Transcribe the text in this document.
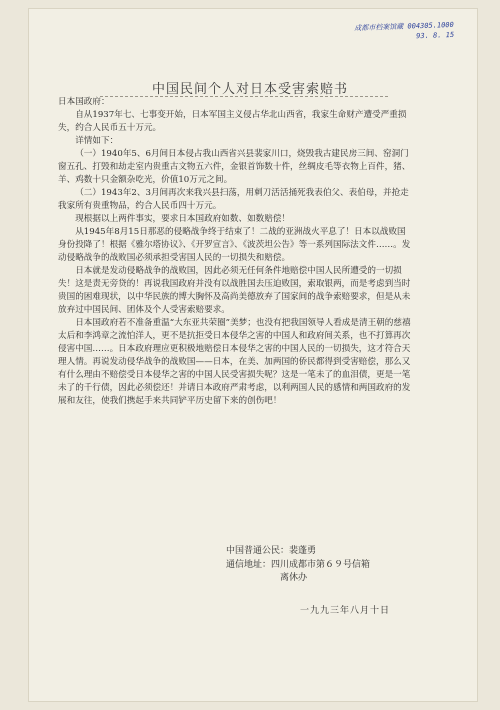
成都市档案馆藏 004305.1000
93. 8. 15
中国民间个人对日本受害索赔书

日本国政府：

自从1937年七、七事变开始，日本军国主义侵占华北山西省，我家生命财产遭受严重损失，约合人民币五十万元。

详情如下：

（一）1940年5、6月间日本侵占我山西省兴县裴家川口，烧毁我古建民房三间、窑洞门窗五孔、打毁和劫走室内贵重古文物五六件，金银首饰数十件，丝绸皮毛等衣物上百件，猪、羊、鸡数十只金额杂吃光，价值10万元之间。

（二）1943年2、3月间再次来我兴县扫荡，用刺刀活活捅死我表伯父、表伯母，并抢走我家所有贵重物品，约合人民币四十万元。

现根据以上两件事实，要求日本国政府如数、如数赔偿！

从1945年8月15日那恶的侵略战争终于结束了！二战的亚洲战火平息了！日本以战败国身份投降了！根据《雅尔塔协议》、《开罗宣言》、《波茨坦公告》等一系列国际法文件……。发动侵略战争的战败国必须承担受害国人民的一切损失和赔偿。

日本就是发动侵略战争的战败国，因此必须无任何条件地赔偿中国人民所遭受的一切损失！这是责无旁贷的！再说我国政府并没有以战胜国去压迫败国，索取银两，而是考虑到当时贵国的困难现状，以中华民族的博大胸怀及高尚美德放弃了国家间的战争索赔要求，但是从未放弃过中国民间、团体及个人受害索赔要求。

日本国政府若不准备重温“大东亚共荣圈”美梦；也没有把我国领导人看成是清王朝的慈禧太后和李鸿章之流怕洋人，更不是抗拒受日本侵华之害的中国人和政府间关系，也不打算再次侵害中国……。日本政府理应更积极地赔偿日本侵华之害的中国人民的一切损失，这才符合天理人情。再说发动侵华战争的战败国——日本，在美、加两国的侨民都得到受害赔偿，那么又有什么理由不赔偿受日本侵华之害的中国人民受害损失呢？这是一笔未了的血泪债，更是一笔未了的千行债，因此必须偿还！并请日本政府严肃考虑，以利两国人民的感情和两国政府的发展和友往，使我们携起手来共同铲平历史留下来的创伤吧！

中国普通公民： 裴蓬勇
通信地址： 四川成都市第６９号信箱
离休办
一九九三年八月十日
